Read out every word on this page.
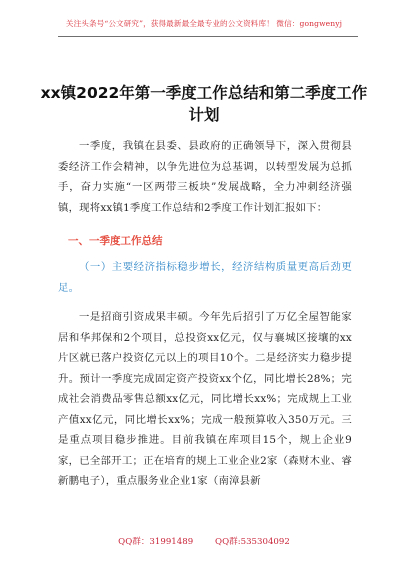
关注头条号“公文研究”，获得最新最全最专业的公文资料库！ 微信：gongwenyj
xx镇2022年第一季度工作总结和第二季度工作计划
一季度，我镇在县委、县政府的正确领导下，深入贯彻县委经济工作会精神，以争先进位为总基调，以转型发展为总抓手，奋力实施“一区两带三板块”发展战略，全力冲刺经济强镇，现将xx镇1季度工作总结和2季度工作计划汇报如下：
一、一季度工作总结
（一）主要经济指标稳步增长，经济结构质量更高后劲更足。
一是招商引资成果丰硕。今年先后招引了万亿全屋智能家居和华邦保和2个项目，总投资xx亿元，仅与襄城区接壤的xx片区就已落户投资亿元以上的项目10个。二是经济实力稳步提升。预计一季度完成固定资产投资xx个亿，同比增长28%；完成社会消费品零售总额xx亿元，同比增长xx%；完成规上工业产值xx亿元，同比增长xx%；完成一般预算收入350万元。三是重点项目稳步推进。目前我镇在库项目15个，规上企业9家，已全部开工；正在培育的规上工业企业2家（森财木业、睿新鹏电子），重点服务业企业1家（南漳县新
QQ群：31991489        QQ群:535304092
